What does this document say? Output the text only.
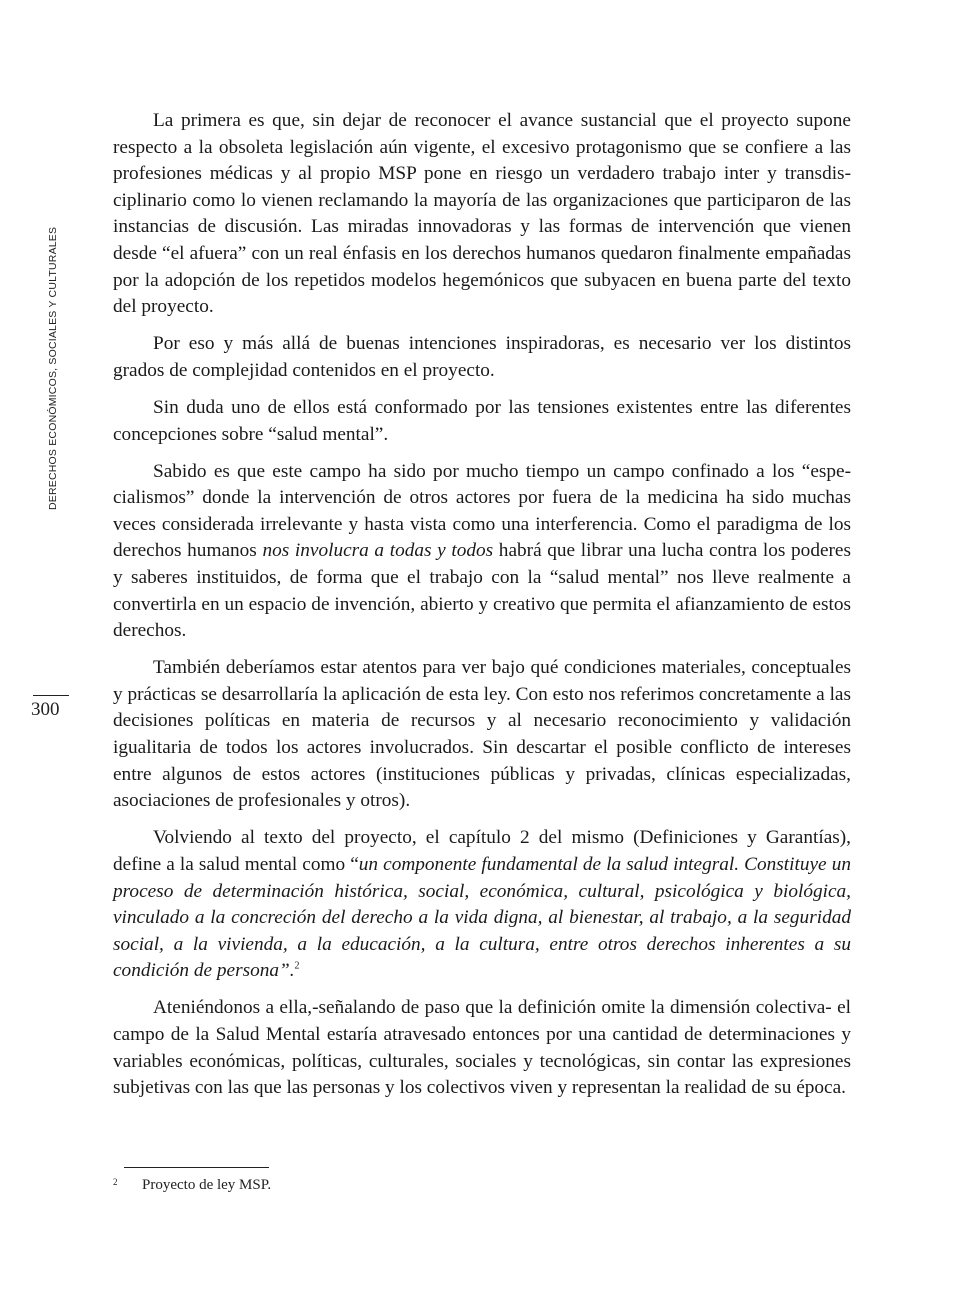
DERECHOS ECONÓMICOS, SOCIALES Y CULTURALES
300

La primera es que, sin dejar de reconocer el avance sustancial que el proyecto supone respecto a la obsoleta legislación aún vigente, el excesivo protagonismo que se confiere a las profesiones médicas y al propio MSP pone en riesgo un verdadero trabajo inter y transdisciplinario como lo vienen reclamando la mayoría de las organizaciones que participaron de las instancias de discusión. Las miradas innovadoras y las formas de intervención que vienen desde “el afuera” con un real énfasis en los derechos humanos quedaron finalmente empañadas por la adopción de los repetidos modelos hegemónicos que subyacen en buena parte del texto del proyecto.

Por eso y más allá de buenas intenciones inspiradoras, es necesario ver los distintos grados de complejidad contenidos en el proyecto.

Sin duda uno de ellos está conformado por las tensiones existentes entre las diferentes concepciones sobre “salud mental”.

Sabido es que este campo ha sido por mucho tiempo un campo confinado a los “especialismos” donde la intervención de otros actores por fuera de la medicina ha sido muchas veces considerada irrelevante y hasta vista como una interferencia. Como el paradigma de los derechos humanos nos involucra a todas y todos habrá que librar una lucha contra los poderes y saberes instituidos, de forma que el trabajo con la “salud mental” nos lleve realmente a convertirla en un espacio de invención, abierto y creativo que permita el afianzamiento de estos derechos.

También deberíamos estar atentos para ver bajo qué condiciones materiales, conceptuales y prácticas se desarrollaría la aplicación de esta ley. Con esto nos referimos concretamente a las decisiones políticas en materia de recursos y al necesario reconocimiento y validación igualitaria de todos los actores involucrados. Sin descartar el posible conflicto de intereses entre algunos de estos actores (instituciones públicas y privadas, clínicas especializadas, asociaciones de profesionales y otros).

Volviendo al texto del proyecto, el capítulo 2 del mismo (Definiciones y Garantías), define a la salud mental como “un componente fundamental de la salud integral. Constituye un proceso de determinación histórica, social, económica, cultural, psicológica y biológica, vinculado a la concreción del derecho a la vida digna, al bienestar, al trabajo, a la seguridad social, a la vivienda, a la educación, a la cultura, entre otros derechos inherentes a su condición de persona”.$^2$

Ateniéndonos a ella,-señalando de paso que la definición omite la dimensión colectiva- el campo de la Salud Mental estaría atravesado entonces por una cantidad de determinaciones y variables económicas, políticas, culturales, sociales y tecnológicas, sin contar las expresiones subjetivas con las que las personas y los colectivos viven y representan la realidad de su época.

2 Proyecto de ley MSP.
